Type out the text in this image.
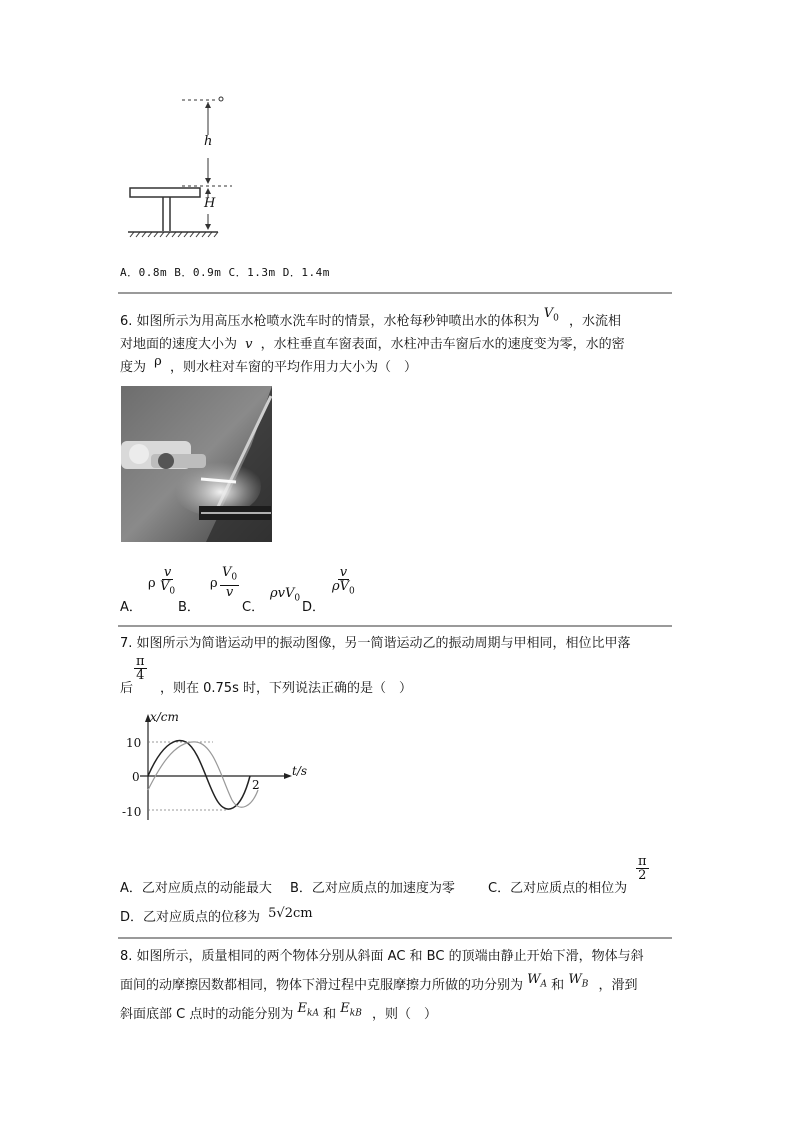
h
H
A．0.8m B．0.9m C．1.3m D．1.4m
6. 如图所示为用高压水枪喷水洗车时的情景，水枪每秒钟喷出水的体积为 $V_0$ ，水流相
对地面的速度大小为 v ，水柱垂直车窗表面，水柱冲击车窗后水的速度变为零，水的密
度为 ρ ，则水柱对车窗的平均作用力大小为（　）
A．
ρ $\frac{v}{V_0}$
B．
ρ $\frac{V_0}{v}$
C．
ρvV$_0$
D．
$\frac{v}{\rho V_0}$
7. 如图所示为简谐运动甲的振动图像，另一简谐运动乙的振动周期与甲相同，相位比甲落
后
$\frac{\pi}{4}$
，则在 0.75s 时，下列说法正确的是（　）
x/cm
t/s
10
0
-10
2
A．乙对应质点的动能最大 B．乙对应质点的加速度为零	C．乙对应质点的相位为
$\frac{\pi}{2}$
D．乙对应质点的位移为 5√2cm
8. 如图所示，质量相同的两个物体分别从斜面 AC 和 BC 的顶端由静止开始下滑，物体与斜
面间的动摩擦因数都相同，物体下滑过程中克服摩擦力所做的功分别为 $W_A$ 和 $W_B$ ，滑到
斜面底部 C 点时的动能分别为 $E_{kA}$ 和 $E_{kB}$ ，则（　）
